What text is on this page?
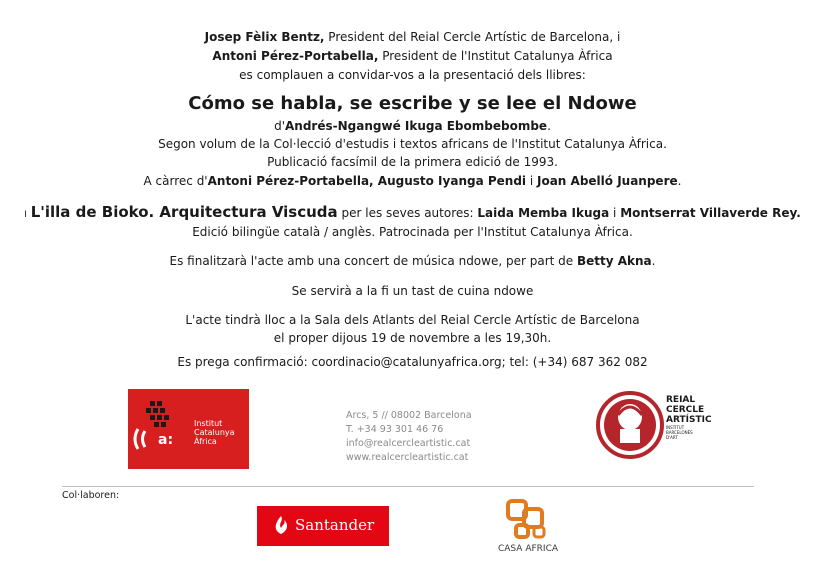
Josep Fèlix Bentz, President del Reial Cercle Artístic de Barcelona, i
Antoni Pérez-Portabella, President de l'Institut Catalunya Àfrica
es complauen a convidar-vos a la presentació dels llibres:
Cómo se habla, se escribe y se lee el Ndowe
d'Andrés-Ngangwé Ikuga Ebombebombe.
Segon volum de la Col·lecció d'estudis i textos africans de l'Institut Catalunya Àfrica.
Publicació facsímil de la primera edició de 1993.
A càrrec d'Antoni Pérez-Portabella, Augusto Iyanga Pendi i Joan Abelló Juanpere.
I L'illa de Bioko. Arquitectura Viscuda per les seves autores: Laida Memba Ikuga i Montserrat Villaverde Rey.
Edició bilingüe català / anglès. Patrocinada per l'Institut Catalunya Àfrica.
Es finalitzarà l'acte amb una concert de música ndowe, per part de Betty Akna.
Se servirà a la fi un tast de cuina ndowe
L'acte tindrà lloc a la Sala dels Atlants del Reial Cercle Artístic de Barcelona
el proper dijous 19 de novembre a les 19,30h.
Es prega confirmació: coordinacio@catalunyafrica.org; tel: (+34) 687 362 082
a:
Institut
Catalunya
Àfrica
Arcs, 5 // 08002 Barcelona
T. +34 93 301 46 76
info@realcercleartistic.cat
www.realcercleartistic.cat
REIAL
CERCLE
ARTÍSTIC
INSTITUT
BARCELONÈS
D'ART
Col·laboren:
Santander
CASA AFRICA
